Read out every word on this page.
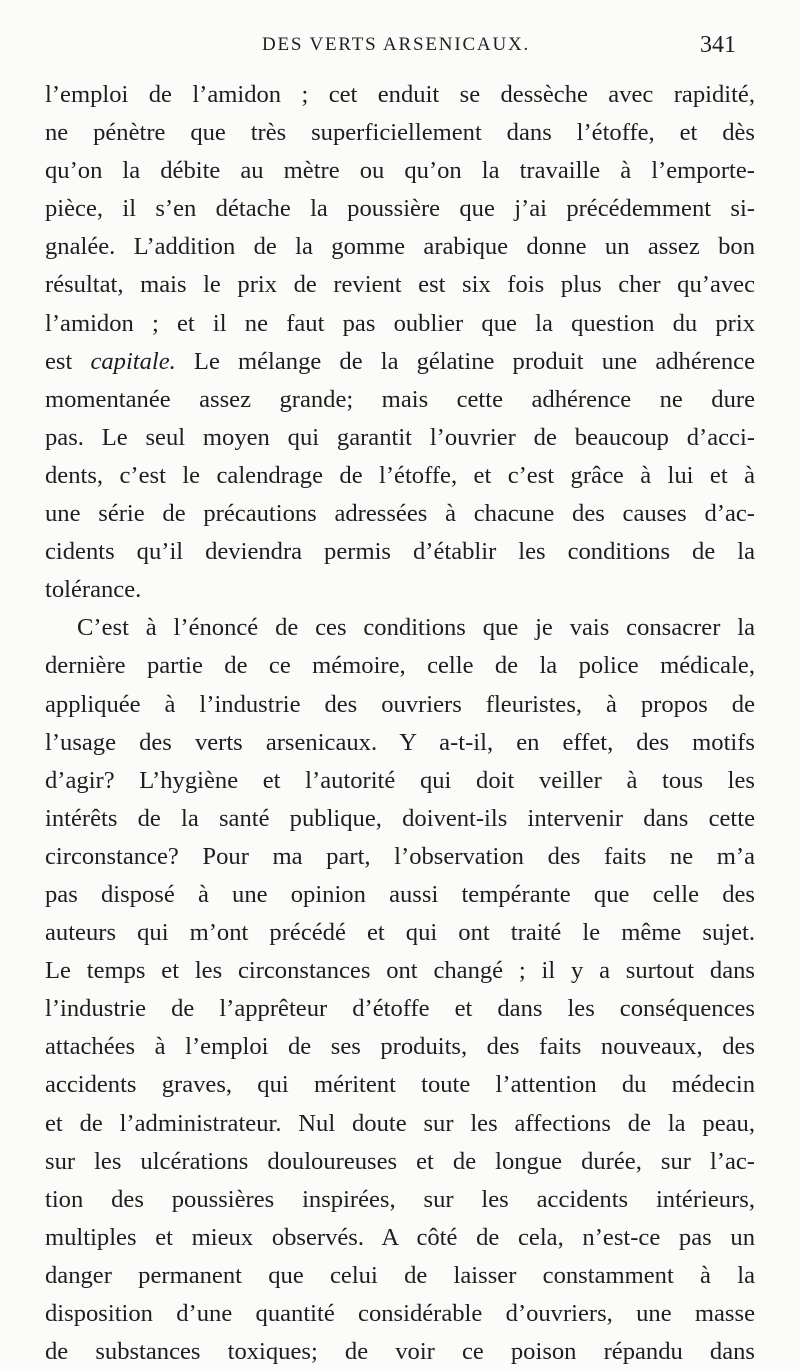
DES VERTS ARSENICAUX.	341
l’emploi de l’amidon ; cet enduit se dessèche avec rapidité,
ne pénètre que très superficiellement dans l’étoffe, et dès
qu’on la débite au mètre ou qu’on la travaille à l’emporte-
pièce, il s’en détache la poussière que j’ai précédemment si-
gnalée. L’addition de la gomme arabique donne un assez bon
résultat, mais le prix de revient est six fois plus cher qu’avec
l’amidon ; et il ne faut pas oublier que la question du prix
est capitale. Le mélange de la gélatine produit une adhérence
momentanée assez grande; mais cette adhérence ne dure
pas. Le seul moyen qui garantit l’ouvrier de beaucoup d’acci-
dents, c’est le calendrage de l’étoffe, et c’est grâce à lui et à
une série de précautions adressées à chacune des causes d’ac-
cidents qu’il deviendra permis d’établir les conditions de la
tolérance.
C’est à l’énoncé de ces conditions que je vais consacrer la
dernière partie de ce mémoire, celle de la police médicale,
appliquée à l’industrie des ouvriers fleuristes, à propos de
l’usage des verts arsenicaux. Y a-t-il, en effet, des motifs
d’agir? L’hygiène et l’autorité qui doit veiller à tous les
intérêts de la santé publique, doivent-ils intervenir dans cette
circonstance? Pour ma part, l’observation des faits ne m’a
pas disposé à une opinion aussi tempérante que celle des
auteurs qui m’ont précédé et qui ont traité le même sujet.
Le temps et les circonstances ont changé ; il y a surtout dans
l’industrie de l’apprêteur d’étoffe et dans les conséquences
attachées à l’emploi de ses produits, des faits nouveaux, des
accidents graves, qui méritent toute l’attention du médecin
et de l’administrateur. Nul doute sur les affections de la peau,
sur les ulcérations douloureuses et de longue durée, sur l’ac-
tion des poussières inspirées, sur les accidents intérieurs,
multiples et mieux observés. A côté de cela, n’est-ce pas un
danger permanent que celui de laisser constamment à la
disposition d’une quantité considérable d’ouvriers, une masse
de substances toxiques; de voir ce poison répandu dans
